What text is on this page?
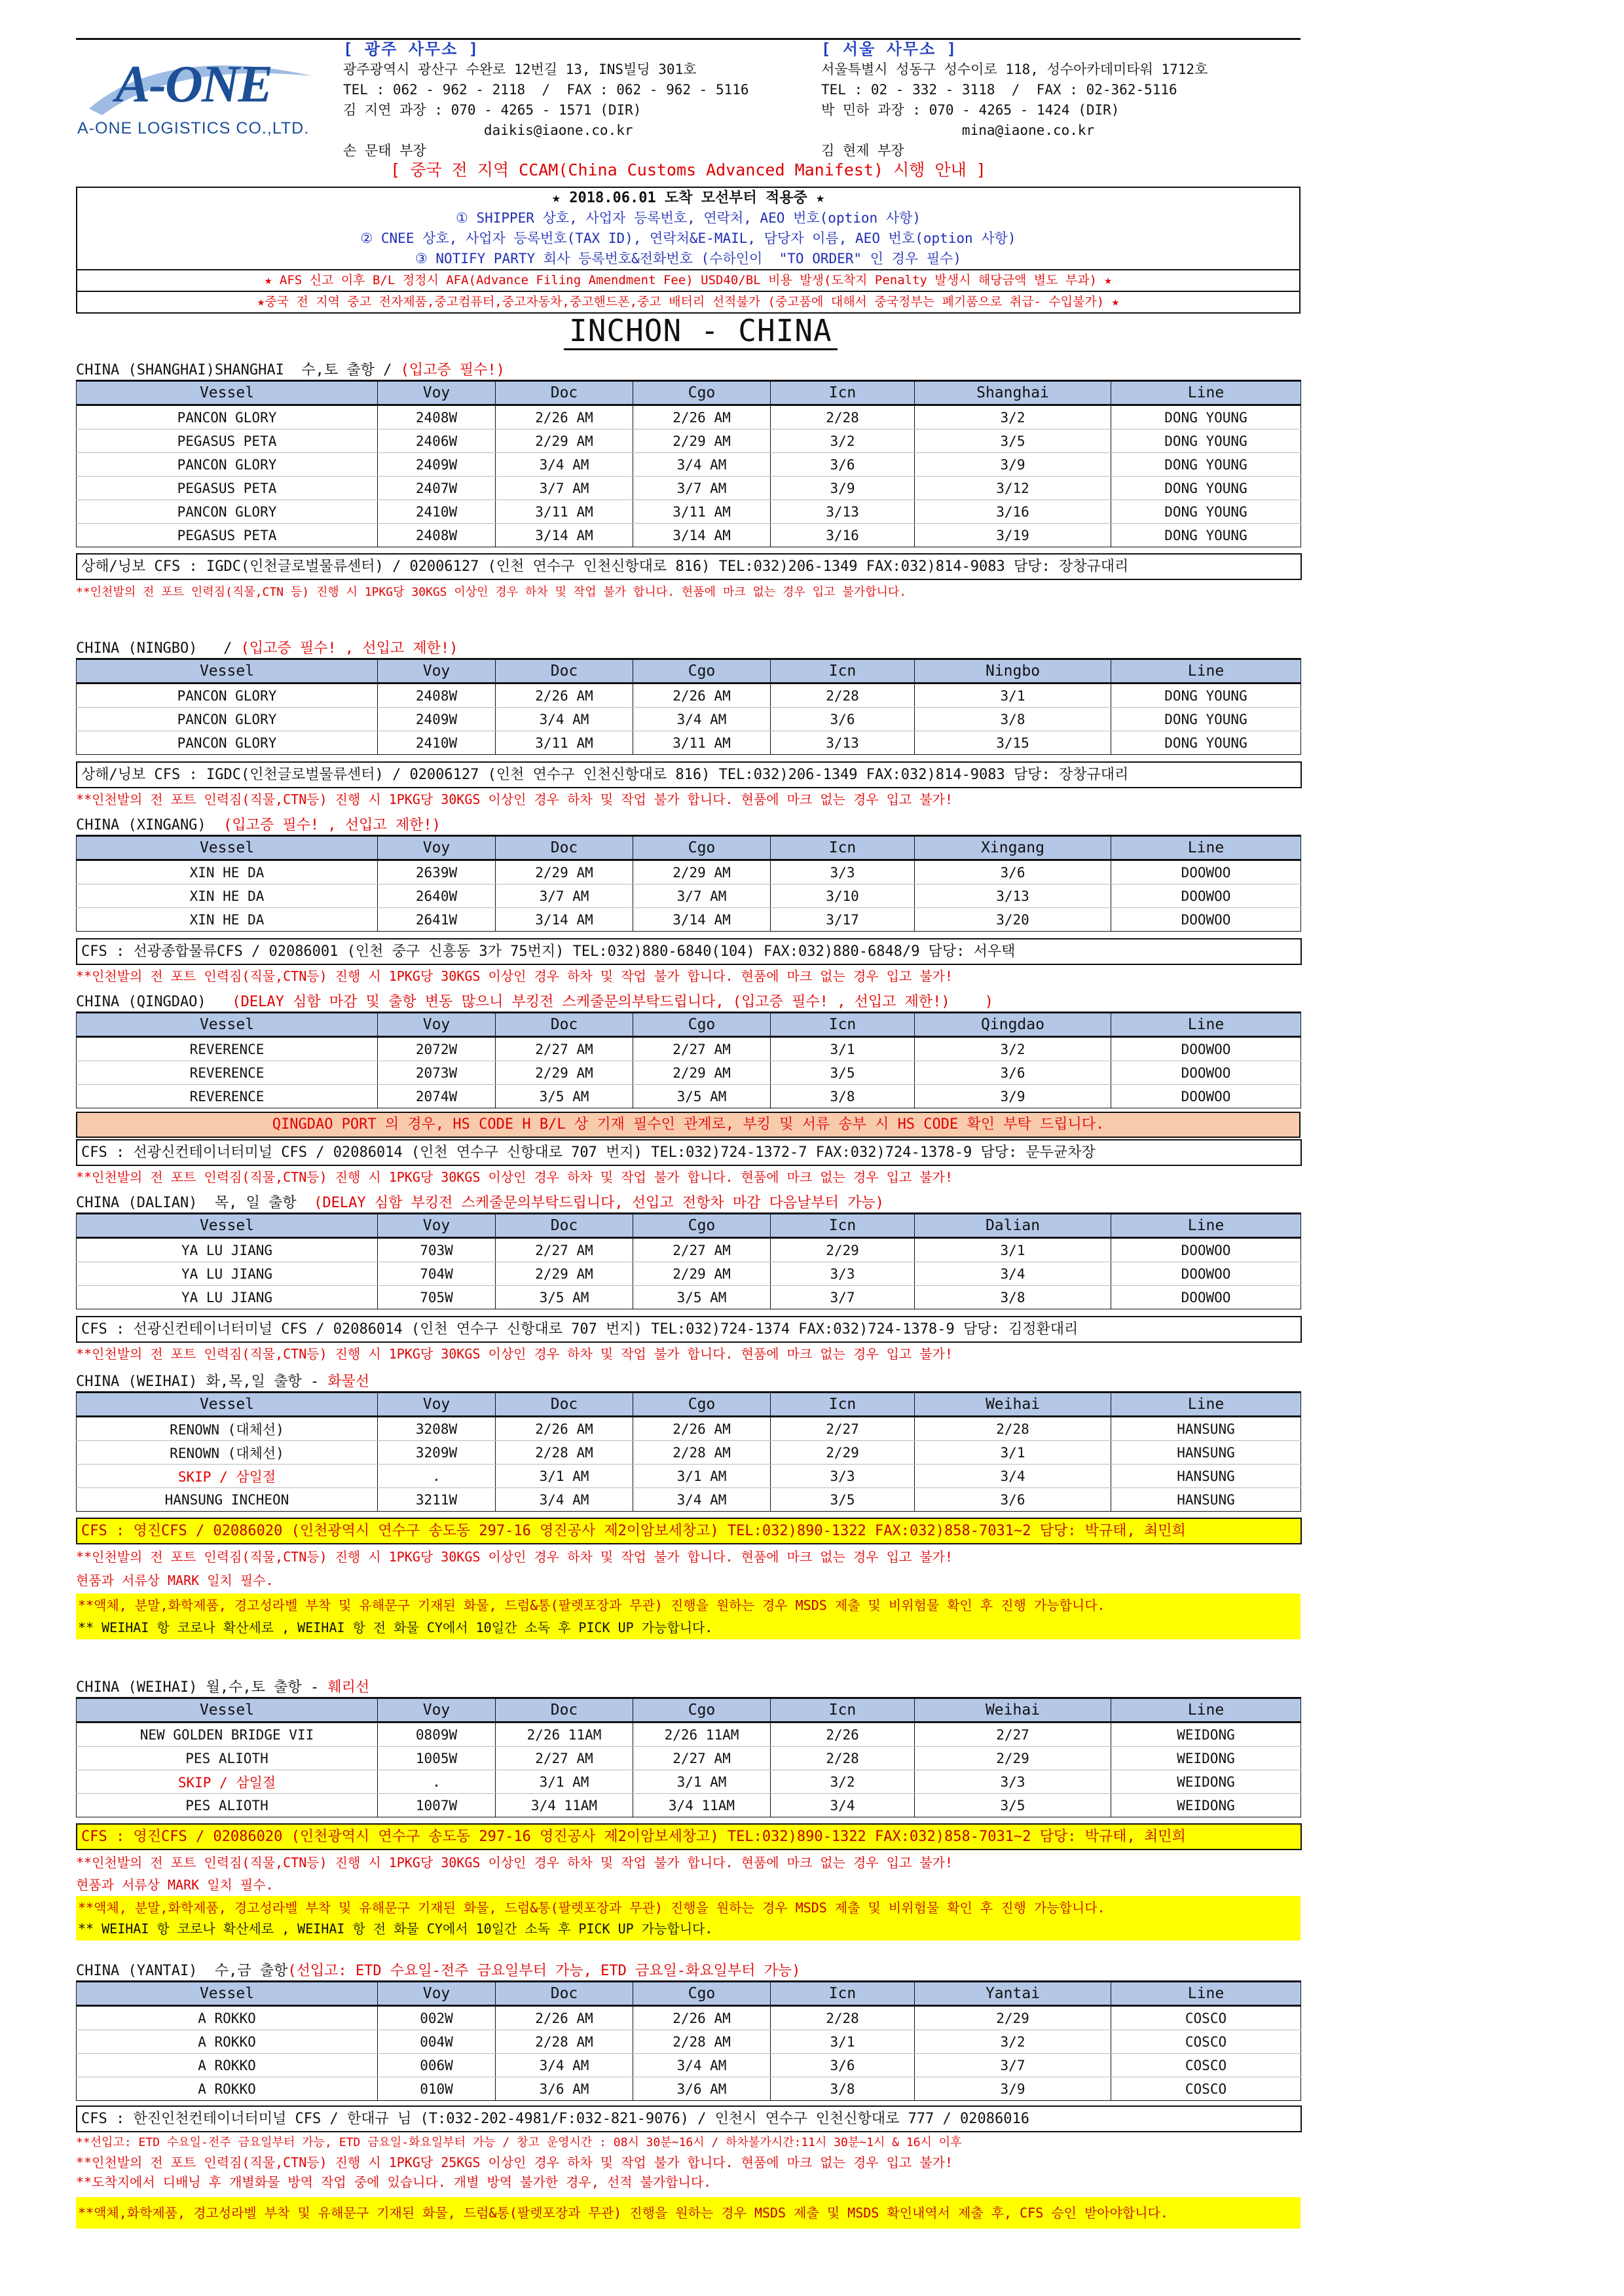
A-ONE
A-ONE LOGISTICS CO.,LTD.
[ 광주 사무소 ]
광주광역시 광산구 수완로 12번길 13, INS빌딩 301호
TEL : 062 - 962 - 2118  /  FAX : 062 - 962 - 5116
김 지연 과장 : 070 - 4265 - 1571 (DIR)
daikis@iaone.co.kr
손 문태 부장
[ 서울 사무소 ]
서울특별시 성동구 성수이로 118, 성수아카데미타워 1712호
TEL : 02 - 332 - 3118  /  FAX : 02-362-5116
박 민하 과장 : 070 - 4265 - 1424 (DIR)
mina@iaone.co.kr
김 현제 부장
[ 중국 전 지역 CCAM(China Customs Advanced Manifest) 시행 안내 ]
★ 2018.06.01 도착 모선부터 적용중 ★
① SHIPPER 상호, 사업자 등록번호, 연락처, AEO 번호(option 사항)
② CNEE 상호, 사업자 등록번호(TAX ID), 연락처&E-MAIL, 담당자 이름, AEO 번호(option 사항)
③ NOTIFY PARTY 회사 등록번호&전화번호 (수하인이  "TO ORDER" 인 경우 필수)
★ AFS 신고 이후 B/L 정정시 AFA(Advance Filing Amendment Fee) USD40/BL 비용 발생(도착지 Penalty 발생시 해당금액 별도 부과) ★
★중국 전 지역 중고 전자제품,중고컴퓨터,중고자동차,중고핸드폰,중고 배터리 선적불가 (중고품에 대해서 중국정부는 폐기품으로 취급- 수입불가) ★
INCHON - CHINA
CHINA (SHANGHAI)SHANGHAI  수,토 출항 / (입고증 필수!)
Vessel	Voy	Doc	Cgo	Icn	Shanghai	Line
PANCON GLORY	2408W	2/26 AM	2/26 AM	2/28	3/2	DONG YOUNG
PEGASUS PETA	2406W	2/29 AM	2/29 AM	3/2	3/5	DONG YOUNG
PANCON GLORY	2409W	3/4 AM	3/4 AM	3/6	3/9	DONG YOUNG
PEGASUS PETA	2407W	3/7 AM	3/7 AM	3/9	3/12	DONG YOUNG
PANCON GLORY	2410W	3/11 AM	3/11 AM	3/13	3/16	DONG YOUNG
PEGASUS PETA	2408W	3/14 AM	3/14 AM	3/16	3/19	DONG YOUNG
상해/닝보 CFS : IGDC(인천글로벌물류센터) / 02006127 (인천 연수구 인천신항대로 816) TEL:032)206-1349 FAX:032)814-9083 담당: 장창규대리
**인천발의 전 포트 인력짐(직물,CTN 등) 진행 시 1PKG당 30KGS 이상인 경우 하차 및 작업 불가 합니다. 현품에 마크 없는 경우 입고 불가합니다.
CHINA (NINGBO)   / (입고증 필수! , 선입고 제한!)
Vessel	Voy	Doc	Cgo	Icn	Ningbo	Line
PANCON GLORY	2408W	2/26 AM	2/26 AM	2/28	3/1	DONG YOUNG
PANCON GLORY	2409W	3/4 AM	3/4 AM	3/6	3/8	DONG YOUNG
PANCON GLORY	2410W	3/11 AM	3/11 AM	3/13	3/15	DONG YOUNG
상해/닝보 CFS : IGDC(인천글로벌물류센터) / 02006127 (인천 연수구 인천신항대로 816) TEL:032)206-1349 FAX:032)814-9083 담당: 장창규대리
**인천발의 전 포트 인력짐(직물,CTN등) 진행 시 1PKG당 30KGS 이상인 경우 하차 및 작업 불가 합니다. 현품에 마크 없는 경우 입고 불가!
CHINA (XINGANG)  (입고증 필수! , 선입고 제한!)
Vessel	Voy	Doc	Cgo	Icn	Xingang	Line
XIN HE DA	2639W	2/29 AM	2/29 AM	3/3	3/6	DOOWOO
XIN HE DA	2640W	3/7 AM	3/7 AM	3/10	3/13	DOOWOO
XIN HE DA	2641W	3/14 AM	3/14 AM	3/17	3/20	DOOWOO
CFS : 선광종합물류CFS / 02086001 (인천 중구 신흥동 3가 75번지) TEL:032)880-6840(104) FAX:032)880-6848/9 담당: 서우택
**인천발의 전 포트 인력짐(직물,CTN등) 진행 시 1PKG당 30KGS 이상인 경우 하차 및 작업 불가 합니다. 현품에 마크 없는 경우 입고 불가!
CHINA (QINGDAO)   (DELAY 심함 마감 및 출항 변동 많으니 부킹전 스케줄문의부탁드립니다, (입고증 필수! , 선입고 제한!)    )
Vessel	Voy	Doc	Cgo	Icn	Qingdao	Line
REVERENCE	2072W	2/27 AM	2/27 AM	3/1	3/2	DOOWOO
REVERENCE	2073W	2/29 AM	2/29 AM	3/5	3/6	DOOWOO
REVERENCE	2074W	3/5 AM	3/5 AM	3/8	3/9	DOOWOO
QINGDAO PORT 의 경우, HS CODE H B/L 상 기재 필수인 관계로, 부킹 및 서류 송부 시 HS CODE 확인 부탁 드립니다.
CFS : 선광신컨테이너터미널 CFS / 02086014 (인천 연수구 신항대로 707 번지) TEL:032)724-1372-7 FAX:032)724-1378-9 담당: 문두균차장
**인천발의 전 포트 인력짐(직물,CTN등) 진행 시 1PKG당 30KGS 이상인 경우 하차 및 작업 불가 합니다. 현품에 마크 없는 경우 입고 불가!
CHINA (DALIAN)  목, 일 출항  (DELAY 심함 부킹전 스케줄문의부탁드립니다, 선입고 전항차 마감 다음날부터 가능)
Vessel	Voy	Doc	Cgo	Icn	Dalian	Line
YA LU JIANG	703W	2/27 AM	2/27 AM	2/29	3/1	DOOWOO
YA LU JIANG	704W	2/29 AM	2/29 AM	3/3	3/4	DOOWOO
YA LU JIANG	705W	3/5 AM	3/5 AM	3/7	3/8	DOOWOO
CFS : 선광신컨테이너터미널 CFS / 02086014 (인천 연수구 신항대로 707 번지) TEL:032)724-1374 FAX:032)724-1378-9 담당: 김정환대리
**인천발의 전 포트 인력짐(직물,CTN등) 진행 시 1PKG당 30KGS 이상인 경우 하차 및 작업 불가 합니다. 현품에 마크 없는 경우 입고 불가!
CHINA (WEIHAI) 화,목,일 출항 - 화물선
Vessel	Voy	Doc	Cgo	Icn	Weihai	Line
RENOWN (대체선)	3208W	2/26 AM	2/26 AM	2/27	2/28	HANSUNG
RENOWN (대체선)	3209W	2/28 AM	2/28 AM	2/29	3/1	HANSUNG
SKIP / 삼일절	.	3/1 AM	3/1 AM	3/3	3/4	HANSUNG
HANSUNG INCHEON	3211W	3/4 AM	3/4 AM	3/5	3/6	HANSUNG
CFS : 영진CFS / 02086020 (인천광역시 연수구 송도동 297-16 영진공사 제2이암보세창고) TEL:032)890-1322 FAX:032)858-7031~2 담당: 박규태, 최민희
**인천발의 전 포트 인력짐(직물,CTN등) 진행 시 1PKG당 30KGS 이상인 경우 하차 및 작업 불가 합니다. 현품에 마크 없는 경우 입고 불가!
현품과 서류상 MARK 일치 필수.
**액체, 분말,화학제품, 경고성라벨 부착 및 유해문구 기재된 화물, 드럼&통(팔렛포장과 무관) 진행을 원하는 경우 MSDS 제출 및 비위험물 확인 후 진행 가능합니다.
** WEIHAI 항 코로나 확산세로 , WEIHAI 항 전 화물 CY에서 10일간 소독 후 PICK UP 가능합니다.
CHINA (WEIHAI) 월,수,토 출항 - 훼리선
Vessel	Voy	Doc	Cgo	Icn	Weihai	Line
NEW GOLDEN BRIDGE VII	0809W	2/26 11AM	2/26 11AM	2/26	2/27	WEIDONG
PES ALIOTH	1005W	2/27 AM	2/27 AM	2/28	2/29	WEIDONG
SKIP / 삼일절	.	3/1 AM	3/1 AM	3/2	3/3	WEIDONG
PES ALIOTH	1007W	3/4 11AM	3/4 11AM	3/4	3/5	WEIDONG
CFS : 영진CFS / 02086020 (인천광역시 연수구 송도동 297-16 영진공사 제2이암보세창고) TEL:032)890-1322 FAX:032)858-7031~2 담당: 박규태, 최민희
**인천발의 전 포트 인력짐(직물,CTN등) 진행 시 1PKG당 30KGS 이상인 경우 하차 및 작업 불가 합니다. 현품에 마크 없는 경우 입고 불가!
현품과 서류상 MARK 일치 필수.
**액체, 분말,화학제품, 경고성라벨 부착 및 유해문구 기재된 화물, 드럼&통(팔렛포장과 무관) 진행을 원하는 경우 MSDS 제출 및 비위험물 확인 후 진행 가능합니다.
** WEIHAI 항 코로나 확산세로 , WEIHAI 항 전 화물 CY에서 10일간 소독 후 PICK UP 가능합니다.
CHINA (YANTAI)  수,금 출항(선입고: ETD 수요일-전주 금요일부터 가능, ETD 금요일-화요일부터 가능)
Vessel	Voy	Doc	Cgo	Icn	Yantai	Line
A ROKKO	002W	2/26 AM	2/26 AM	2/28	2/29	COSCO
A ROKKO	004W	2/28 AM	2/28 AM	3/1	3/2	COSCO
A ROKKO	006W	3/4 AM	3/4 AM	3/6	3/7	COSCO
A ROKKO	010W	3/6 AM	3/6 AM	3/8	3/9	COSCO
CFS : 한진인천컨테이너터미널 CFS / 한대규 님 (T:032-202-4981/F:032-821-9076) / 인천시 연수구 인천신항대로 777 / 02086016
**선입고: ETD 수요일-전주 금요일부터 가능, ETD 금요일-화요일부터 가능 / 창고 운영시간 : 08시 30분~16시 / 하차불가시간:11시 30분~1시 & 16시 이후
**인천발의 전 포트 인력짐(직물,CTN등) 진행 시 1PKG당 25KGS 이상인 경우 하차 및 작업 불가 합니다. 현품에 마크 없는 경우 입고 불가!
**도착지에서 디배닝 후 개별화물 방역 작업 중에 있습니다. 개별 방역 불가한 경우, 선적 불가합니다.
**액체,화학제품, 경고성라벨 부착 및 유해문구 기재된 화물, 드럼&통(팔렛포장과 무관) 진행을 원하는 경우 MSDS 제출 및 MSDS 확인내역서 제출 후, CFS 승인 받아야합니다.
